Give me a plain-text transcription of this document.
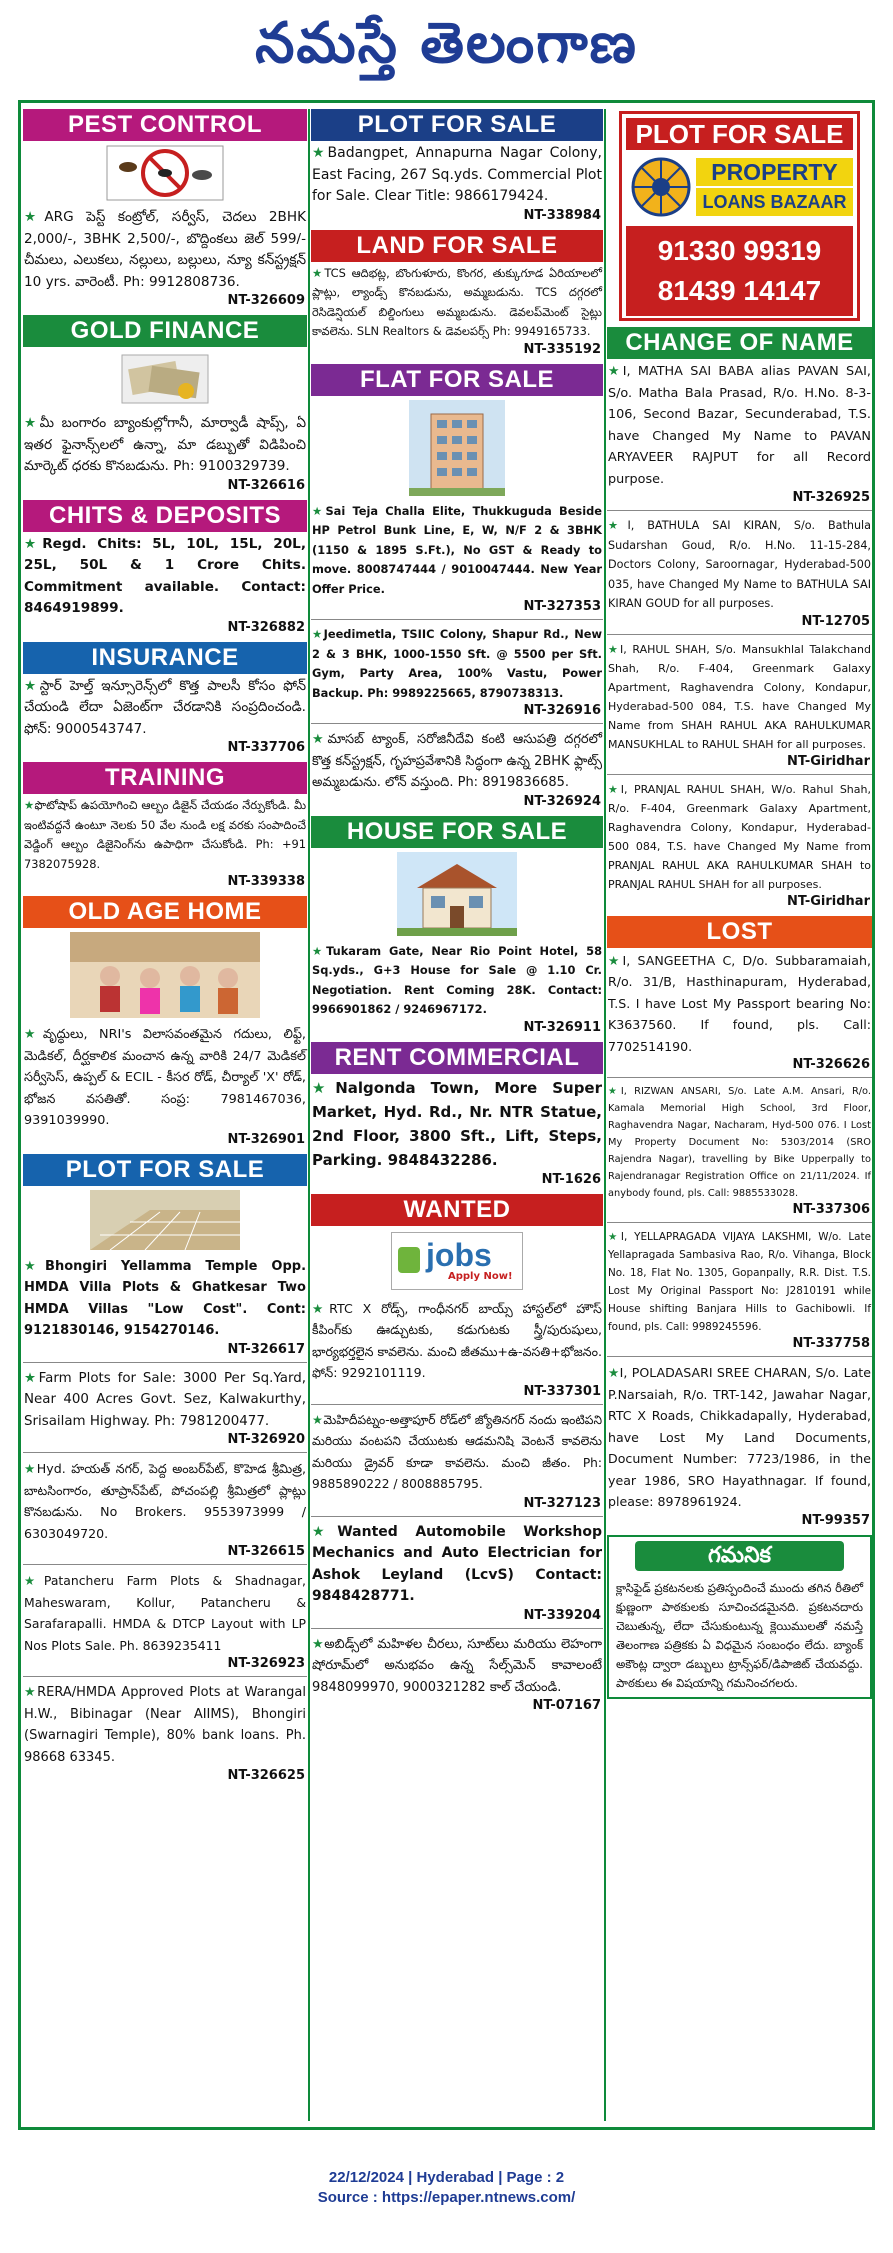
నమస్తే తెలంగాణ
PEST CONTROL
★ARG పెస్ట్ కంట్రోల్, సర్వీస్, చెదలు 2BHK 2,000/-, 3BHK 2,500/-, బొద్దింకలు జెల్ 599/- చీమలు, ఎలుకలు, నల్లులు, బల్లులు, న్యూ కన్‌స్ట్రక్షన్ 10 yrs. వారెంటీ. Ph: 9912808736.
NT-326609
GOLD FINANCE
★మీ బంగారం బ్యాంకుల్లోగానీ, మార్వాడీ షాప్స్, ఏ ఇతర ఫైనాన్స్‌లలో ఉన్నా, మా డబ్బుతో విడిపించి మార్కెట్ ధరకు కొనబడును. Ph: 9100329739.
NT-326616
CHITS & DEPOSITS
★Regd. Chits: 5L, 10L, 15L, 20L, 25L, 50L & 1 Crore Chits. Commitment available. Contact: 8464919899.
NT-326882
INSURANCE
★స్టార్ హెల్త్ ఇన్సూరెన్స్‌లో కొత్త పాలసీ కోసం ఫోన్ చేయండి లేదా ఏజెంట్‌గా చేరడానికి సంప్రదించండి. ఫోన్: 9000543747.
NT-337706
TRAINING
★ఫొటోషాప్ ఉపయోగించి ఆల్బం డిజైన్ చేయడం నేర్పుకోండి. మీ ఇంటివద్దనే ఉంటూ నెలకు 50 వేల నుండి లక్ష వరకు సంపాదించే వెడ్డింగ్ ఆల్బం డిజైనింగ్‌ను ఉపాధిగా చేసుకోండి. Ph: +91 7382075928.
NT-339338
OLD AGE HOME
★వృద్ధులు, NRI's విలాసవంతమైన గదులు, లిఫ్ట్, మెడికల్, దీర్ఘకాలిక మంచాన ఉన్న వారికి 24/7 మెడికల్ సర్వీసెస్, ఉప్పల్ & ECIL - కీసర రోడ్, చీర్యాల్ 'X' రోడ్, భోజన వసతితో. సంప్ర: 7981467036, 9391039990.
NT-326901
PLOT FOR SALE
★Bhongiri Yellamma Temple Opp. HMDA Villa Plots & Ghatkesar Two HMDA Villas "Low Cost". Cont: 9121830146, 9154270146.
NT-326617
★Farm Plots for Sale: 3000 Per Sq.Yard, Near 400 Acres Govt. Sez, Kalwakurthy, Srisailam Highway. Ph: 7981200477.
NT-326920
★Hyd. హయత్ నగర్, పెద్ద అంబర్‌పేట్, కొహెడ శ్రీమిత్ర, బాటసింగారం, తూప్రాన్‌పేట్, పోచంపల్లి శ్రీమిత్రలో ప్లాట్లు కొనబడును. No Brokers. 9553973999 / 6303049720.
NT-326615
★Patancheru Farm Plots & Shadnagar, Maheswaram, Kollur, Patancheru & Sarafarapalli. HMDA & DTCP Layout with LP Nos Plots Sale. Ph. 8639235411
NT-326923
★RERA/HMDA Approved Plots at Warangal H.W., Bibinagar (Near AIIMS), Bhongiri (Swarnagiri Temple), 80% bank loans. Ph. 98668 63345.
NT-326625
PLOT FOR SALE
★Badangpet, Annapurna Nagar Colony, East Facing, 267 Sq.yds. Commercial Plot for Sale. Clear Title: 9866179424.
NT-338984
LAND FOR SALE
★TCS ఆదిభట్ల, బొంగుళూరు, కొంగర, తుక్కుగూడ ఏరియాలలో ప్లాట్లు, ల్యాండ్స్ కొనబడును, అమ్మబడును. TCS దగ్గరలో రెసిడెన్షియల్ బిల్డింగులు అమ్మబడును. డెవలప్‌మెంట్ సైట్లు కావలెను. SLN Realtors & డెవలపర్స్ Ph: 9949165733.
NT-335192
FLAT FOR SALE
★Sai Teja Challa Elite, Thukkuguda Beside HP Petrol Bunk Line, E, W, N/F 2 & 3BHK (1150 & 1895 S.Ft.), No GST & Ready to move. 8008747444 / 9010047444. New Year Offer Price.
NT-327353
★Jeedimetla, TSIIC Colony, Shapur Rd., New 2 & 3 BHK, 1000-1550 Sft. @ 5500 per Sft. Gym, Party Area, 100% Vastu, Power Backup. Ph: 9989225665, 8790738313.
NT-326916
★మాసబ్ ట్యాంక్, సరోజినీదేవి కంటి ఆసుపత్రి దగ్గరలో కొత్త కన్‌స్ట్రక్షన్, గృహప్రవేశానికి సిద్ధంగా ఉన్న 2BHK ఫ్లాట్స్ అమ్మబడును. లోన్ వస్తుంది. Ph: 8919836685.
NT-326924
HOUSE FOR SALE
★Tukaram Gate, Near Rio Point Hotel, 58 Sq.yds., G+3 House for Sale @ 1.10 Cr. Negotiation. Rent Coming 28K. Contact: 9966901862 / 9246967172.
NT-326911
RENT COMMERCIAL
★Nalgonda Town, More Super Market, Hyd. Rd., Nr. NTR Statue, 2nd Floor, 3800 Sft., Lift, Steps, Parking. 9848432286.
NT-1626
WANTED
jobs
Apply Now!
★RTC X రోడ్స్, గాంధీనగర్ బాయ్స్ హాస్టల్‌లో హౌస్ కీపింగ్‌కు ఊడ్చుటకు, కడుగుటకు స్త్రీ/పురుషులు, భార్యభర్తలైన కావలెను. మంచి జీతము+ఉ-వసతి+భోజనం. ఫోన్: 9292101119.
NT-337301
★మెహిదీపట్నం-అత్తాపూర్ రోడ్‌లో జ్యోతినగర్ నందు ఇంటిపని మరియు వంటపని చేయుటకు ఆడమనిషి వెంటనే కావలెను మరియు డ్రైవర్ కూడా కావలెను. మంచి జీతం. Ph: 9885890222 / 8008885795.
NT-327123
★Wanted Automobile Workshop Mechanics and Auto Electrician for Ashok Leyland (LcvS) Contact: 9848428771.
NT-339204
★అబిడ్స్‌లో మహిళల చీరలు, సూట్‌లు మరియు లెహంగా షోరూమ్‌లో అనుభవం ఉన్న సేల్స్‌మెన్ కావాలంటే 9848099970, 9000321282 కాల్ చేయండి.
NT-07167
PLOT FOR SALE
PROPERTY
LOANS BAZAAR
91330 99319
81439 14147
CHANGE OF NAME
★I, MATHA SAI BABA alias PAVAN SAI, S/o. Matha Bala Prasad, R/o. H.No. 8-3-106, Second Bazar, Secunderabad, T.S. have Changed My Name to PAVAN ARYAVEER RAJPUT for all Record purpose.
NT-326925
★I, BATHULA SAI KIRAN, S/o. Bathula Sudarshan Goud, R/o. H.No. 11-15-284, Doctors Colony, Saroornagar, Hyderabad-500 035, have Changed My Name to BATHULA SAI KIRAN GOUD for all purposes.
NT-12705
★I, RAHUL SHAH, S/o. Mansukhlal Talakchand Shah, R/o. F-404, Greenmark Galaxy Apartment, Raghavendra Colony, Kondapur, Hyderabad-500 084, T.S. have Changed My Name from SHAH RAHUL AKA RAHULKUMAR MANSUKHLAL to RAHUL SHAH for all purposes.
NT-Giridhar
★I, PRANJAL RAHUL SHAH, W/o. Rahul Shah, R/o. F-404, Greenmark Galaxy Apartment, Raghavendra Colony, Kondapur, Hyderabad-500 084, T.S. have Changed My Name from PRANJAL RAHUL AKA RAHULKUMAR SHAH to PRANJAL RAHUL SHAH for all purposes.
NT-Giridhar
LOST
★I, SANGEETHA C, D/o. Subbaramaiah, R/o. 31/B, Hasthinapuram, Hyderabad, T.S. I have Lost My Passport bearing No: K3637560. If found, pls. Call: 7702514190.
NT-326626
★I, RIZWAN ANSARI, S/o. Late A.M. Ansari, R/o. Kamala Memorial High School, 3rd Floor, Raghavendra Nagar, Nacharam, Hyd-500 076. I Lost My Property Document No: 5303/2014 (SRO Rajendra Nagar), travelling by Bike Upperpally to Rajendranagar Registration Office on 21/11/2024. If anybody found, pls. Call: 9885533028.
NT-337306
★I, YELLAPRAGADA VIJAYA LAKSHMI, W/o. Late Yellapragada Sambasiva Rao, R/o. Vihanga, Block No. 18, Flat No. 1305, Gopanpally, R.R. Dist. T.S. Lost My Original Passport No: J2810191 while House shifting Banjara Hills to Gachibowli. If found, pls. Call: 9989245596.
NT-337758
★I, POLADASARI SREE CHARAN, S/o. Late P.Narsaiah, R/o. TRT-142, Jawahar Nagar, RTC X Roads, Chikkadapally, Hyderabad, have Lost My Land Documents, Document Number: 7723/1986, in the year 1986, SRO Hayathnagar. If found, please: 8978961924.
NT-99357
గమనిక
క్లాసిఫైడ్ ప్రకటనలకు ప్రతిస్పందించే ముందు తగిన రీతిలో క్షుణ్ణంగా పాఠకులకు సూచించడమైనది. ప్రకటనదారు చెబుతున్న, లేదా చేసుకుంటున్న క్లెయిములతో నమస్తే తెలంగాణ పత్రికకు ఏ విధమైన సంబంధం లేదు. బ్యాంక్ అకౌంట్ల ద్వారా డబ్బులు ట్రాన్స్‌ఫర్/డిపాజిట్ చేయవద్దు. పాఠకులు ఈ విషయాన్ని గమనించగలరు.
22/12/2024 | Hyderabad | Page : 2
Source : https://epaper.ntnews.com/
